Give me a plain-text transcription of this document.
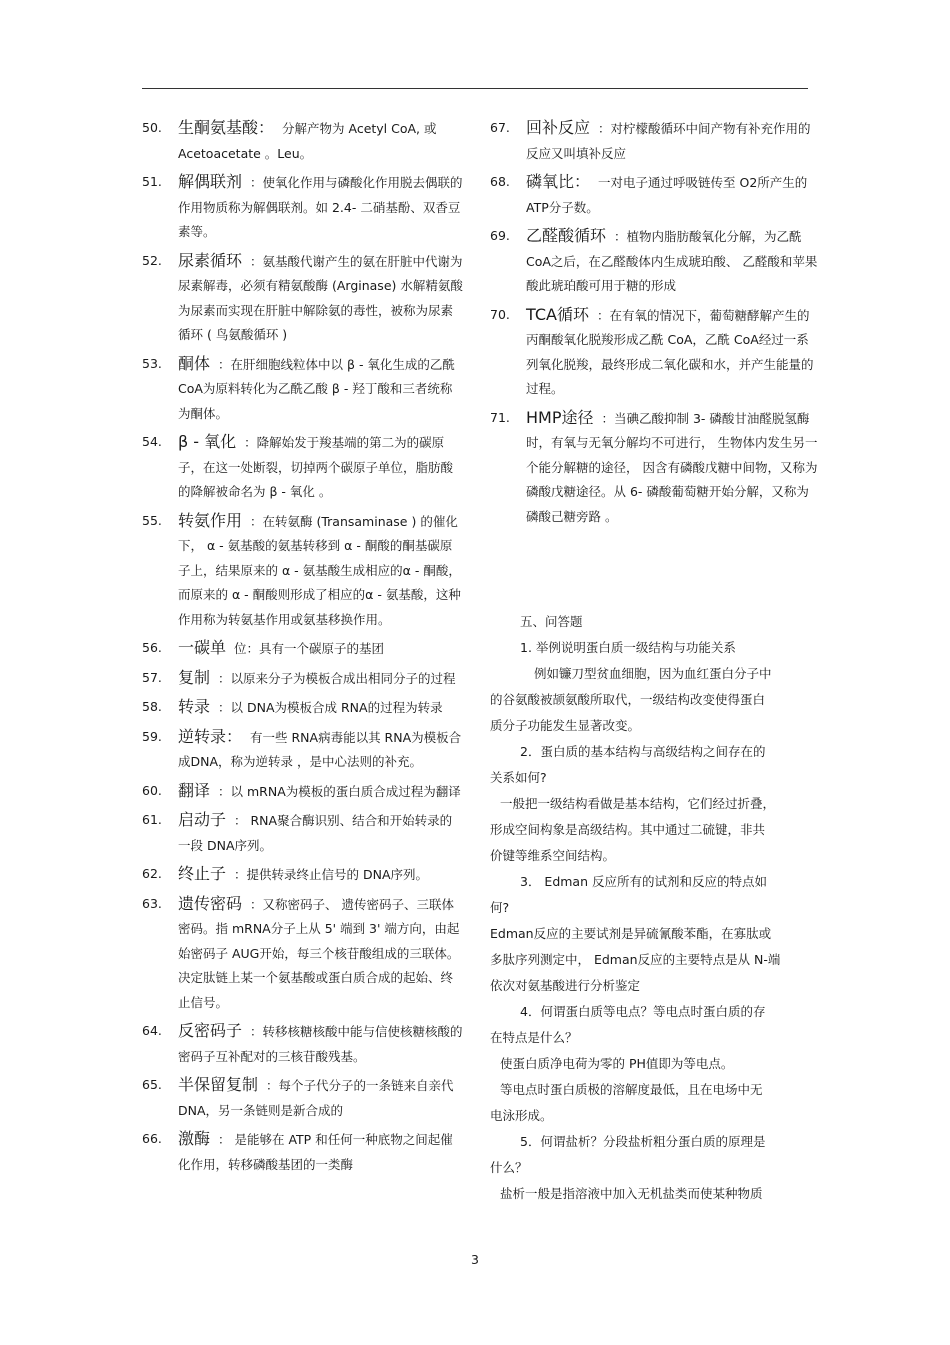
50.	生酮氨基酸： 分解产物为 Acetyl CoA, 或 Acetoacetate 。Leu。
51.	解偶联剂 ：使氧化作用与磷酸化作用脱去偶联的作用物质称为解偶联剂。如 2.4- 二硝基酚、双香豆素等。
52.	尿素循环 ：氨基酸代谢产生的氨在肝脏中代谢为尿素解毒，必须有精氨酸酶 (Arginase) 水解精氨酸为尿素而实现在肝脏中解除氨的毒性，被称为尿素循环 ( 鸟氨酸循环 )
53.	酮体 ：在肝细胞线粒体中以 β - 氧化生成的乙酰 CoA为原料转化为乙酰乙酸 β - 羟丁酸和三者统称为酮体。
54.	β - 氧化 ：降解始发于羧基端的第二为的碳原子，在这一处断裂，切掉两个碳原子单位，脂肪酸的降解被命名为 β - 氧化 。
55.	转氨作用 ：在转氨酶 (Transaminase ) 的催化下， α - 氨基酸的氨基转移到 α - 酮酸的酮基碳原子上，结果原来的 α - 氨基酸生成相应的α - 酮酸，而原来的 α - 酮酸则形成了相应的α - 氨基酸，这种作用称为转氨基作用或氨基移换作用。
56.	一碳单 位：具有一个碳原子的基团
57.	复制 ：以原来分子为模板合成出相同分子的过程
58.	转录 ：以 DNA为模板合成 RNA的过程为转录
59.	逆转录： 有一些 RNA病毒能以其 RNA为模板合成DNA，称为逆转录 ，是中心法则的补充。
60.	翻译 ：以 mRNA为模板的蛋白质合成过程为翻译
61.	启动子 ： RNA聚合酶识别、结合和开始转录的一段 DNA序列。
62.	终止子 ：提供转录终止信号的 DNA序列。
63.	遗传密码 ：又称密码子、 遗传密码子、三联体密码。指 mRNA分子上从 5' 端到 3' 端方向，由起始密码子 AUG开始，每三个核苷酸组成的三联体。决定肽链上某一个氨基酸或蛋白质合成的起始、终止信号。
64.	反密码子 ：转移核糖核酸中能与信使核糖核酸的密码子互补配对的三核苷酸残基。
65.	半保留复制 ：每个子代分子的一条链来自亲代 DNA，另一条链则是新合成的
66.	激酶 ： 是能够在 ATP 和任何一种底物之间起催化作用，转移磷酸基团的一类酶
67.	回补反应 ：对柠檬酸循环中间产物有补充作用的反应又叫填补反应
68.	磷氧比： 一对电子通过呼吸链传至 O2所产生的 ATP分子数。
69.	乙醛酸循环 ：植物内脂肪酸氧化分解，为乙酰 CoA之后，在乙醛酸体内生成琥珀酸、 乙醛酸和苹果酸此琥珀酸可用于糖的形成
70.	TCA循环 ：在有氧的情况下，葡萄糖酵解产生的丙酮酸氧化脱羧形成乙酰 CoA，乙酰 CoA经过一系列氧化脱羧，最终形成二氧化碳和水，并产生能量的过程。
71.	HMP途径 ：当碘乙酸抑制 3- 磷酸甘油醛脱氢酶时，有氧与无氧分解均不可进行， 生物体内发生另一个能分解糖的途径， 因含有磷酸戊糖中间物，又称为磷酸戊糖途径。从 6- 磷酸葡萄糖开始分解，又称为磷酸己糖旁路 。

五、问答题

1. 举例说明蛋白质一级结构与功能关系

例如镰刀型贫血细胞，因为血红蛋白分子中

的谷氨酸被颉氨酸所取代，一级结构改变使得蛋白

质分子功能发生显著改变。

2．蛋白质的基本结构与高级结构之间存在的

关系如何?

一般把一级结构看做是基本结构，它们经过折叠，

形成空间构象是高级结构。其中通过二硫键，非共

价键等维系空间结构。

3． Edman 反应所有的试剂和反应的特点如

何?

Edman反应的主要试剂是异硫氰酸苯酯，在寡肽或

多肽序列测定中， Edman反应的主要特点是从 N-端

依次对氨基酸进行分析鉴定

4．何谓蛋白质等电点？等电点时蛋白质的存

在特点是什么？

使蛋白质净电荷为零的 PH值即为等电点。

等电点时蛋白质极的溶解度最低，且在电场中无

电泳形成。

5．何谓盐析？分段盐析粗分蛋白质的原理是

什么？

盐析一般是指溶液中加入无机盐类而使某种物质

3
